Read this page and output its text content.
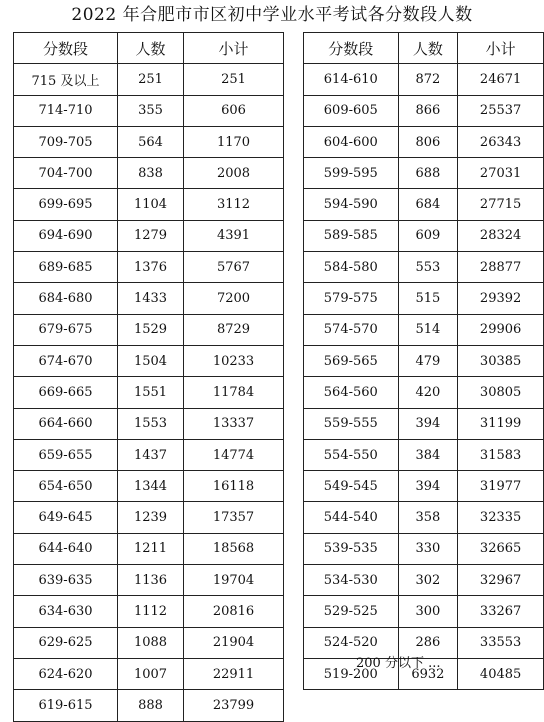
2022 年合肥市市区初中学业水平考试各分数段人数
分数段	人数	小计
715 及以上	251	251
714-710	355	606
709-705	564	1170
704-700	838	2008
699-695	1104	3112
694-690	1279	4391
689-685	1376	5767
684-680	1433	7200
679-675	1529	8729
674-670	1504	10233
669-665	1551	11784
664-660	1553	13337
659-655	1437	14774
654-650	1344	16118
649-645	1239	17357
644-640	1211	18568
639-635	1136	19704
634-630	1112	20816
629-625	1088	21904
624-620	1007	22911
619-615	888	23799
分数段	人数	小计
614-610	872	24671
609-605	866	25537
604-600	806	26343
599-595	688	27031
594-590	684	27715
589-585	609	28324
584-580	553	28877
579-575	515	29392
574-570	514	29906
569-565	479	30385
564-560	420	30805
559-555	394	31199
554-550	384	31583
549-545	394	31977
544-540	358	32335
539-535	330	32665
534-530	302	32967
529-525	300	33267
524-520	286	33553
519-200	6932	40485
200 分以下 ...
